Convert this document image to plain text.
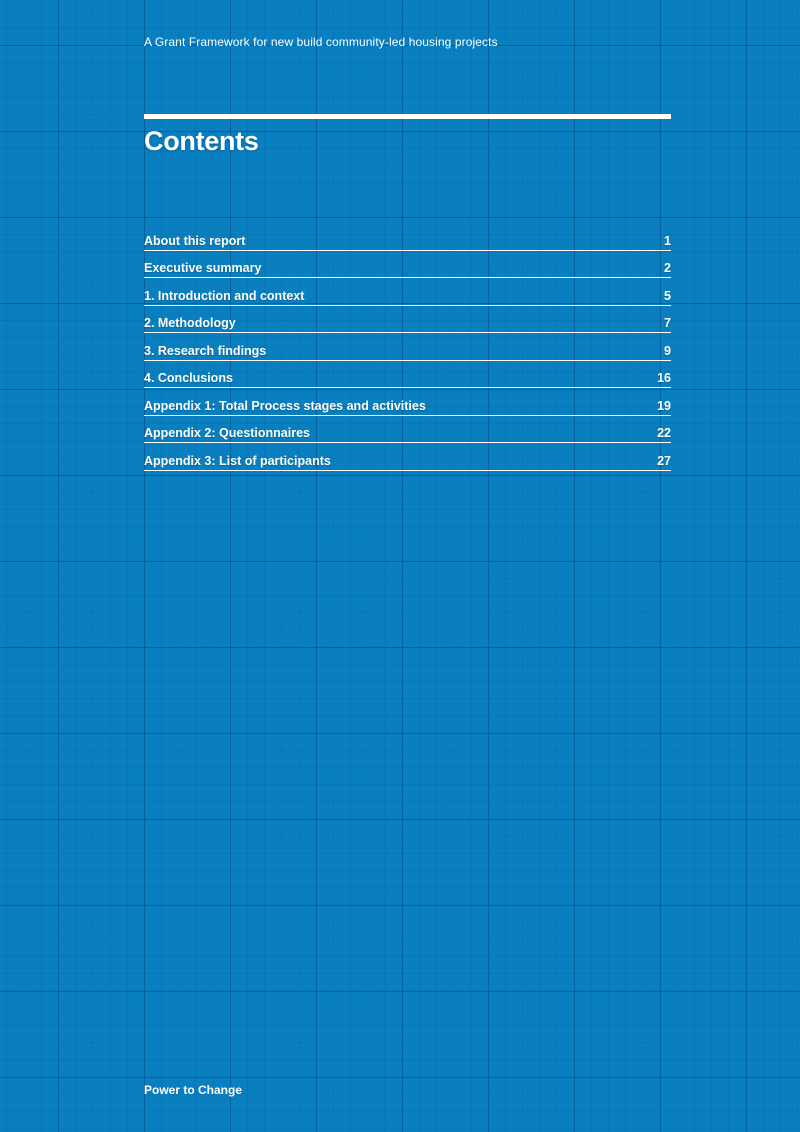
A Grant Framework for new build community-led housing projects
Contents
About this report	1
Executive summary	2
1. Introduction and context	5
2. Methodology	7
3. Research findings	9
4. Conclusions	16
Appendix 1: Total Process stages and activities	19
Appendix 2: Questionnaires	22
Appendix 3: List of participants	27
Power to Change
